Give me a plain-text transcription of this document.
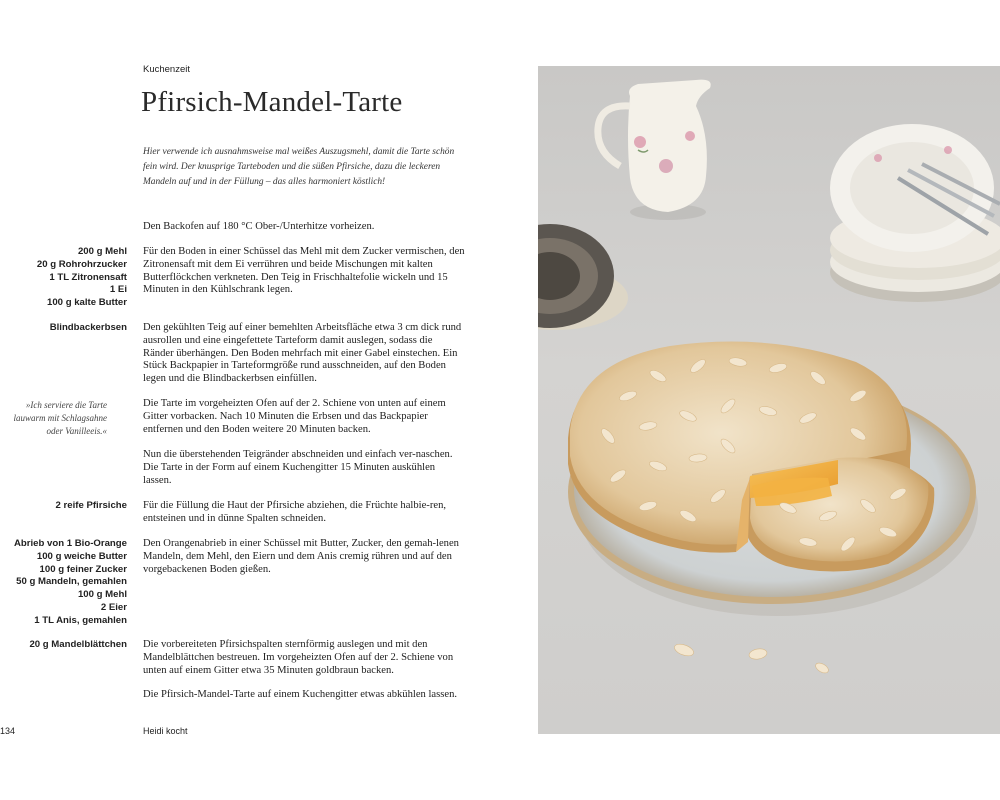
Kuchenzeit
Pfirsich-Mandel-Tarte

Hier verwende ich ausnahmsweise mal weißes Auszugsmehl, damit die Tarte schön fein wird. Der knusprige Tarteboden und die süßen Pfirsiche, dazu die leckeren Mandeln auf und in der Füllung – das alles harmoniert köstlich!

200 g Mehl
20 g Rohrohrzucker
1 TL Zitronensaft
1 Ei
100 g kalte Butter
Blindbackerbsen

»Ich serviere die Tarte lauwarm mit Schlagsahne oder Vanilleeis.«

2 reife Pfirsiche
Abrieb von 1 Bio-Orange
100 g weiche Butter
100 g feiner Zucker
50 g Mandeln, gemahlen
100 g Mehl
2 Eier
1 TL Anis, gemahlen
20 g Mandelblättchen

Den Backofen auf 180 °C Ober-/Unterhitze vorheizen.

Für den Boden in einer Schüssel das Mehl mit dem Zucker vermischen, den Zitronensaft mit dem Ei verrühren und beide Mischungen mit kalten Butterflöckchen verkneten. Den Teig in Frischhaltefolie wickeln und 15 Minuten in den Kühlschrank legen.

Den gekühlten Teig auf einer bemehlten Arbeitsfläche etwa 3 cm dick rund ausrollen und eine eingefettete Tarteform damit auslegen, sodass die Ränder überhängen. Den Boden mehrfach mit einer Gabel einstechen. Ein Stück Backpapier in Tarteformgröße rund ausschneiden, auf den Boden legen und die Blindbackerbsen einfüllen.

Die Tarte im vorgeheizten Ofen auf der 2. Schiene von unten auf einem Gitter vorbacken. Nach 10 Minuten die Erbsen und das Backpapier entfernen und den Boden weitere 20 Minuten backen.

Nun die überstehenden Teigränder abschneiden und einfach ver-naschen. Die Tarte in der Form auf einem Kuchengitter 15 Minuten auskühlen lassen.

Für die Füllung die Haut der Pfirsiche abziehen, die Früchte halbie-ren, entsteinen und in dünne Spalten schneiden.

Den Orangenabrieb in einer Schüssel mit Butter, Zucker, den gemah-lenen Mandeln, dem Mehl, den Eiern und dem Anis cremig rühren und auf den vorgebackenen Boden gießen.

Die vorbereiteten Pfirsichspalten sternförmig auslegen und mit den Mandelblättchen bestreuen. Im vorgeheizten Ofen auf der 2. Schiene von unten auf einem Gitter etwa 35 Minuten goldbraun backen.

Die Pfirsich-Mandel-Tarte auf einem Kuchengitter etwas abkühlen lassen.

134	Heidi kocht
